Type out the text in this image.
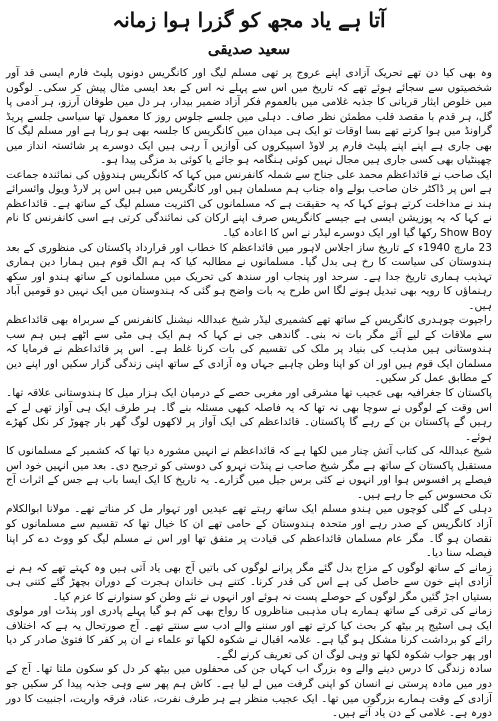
آتا ہے یاد مجھ کو گزرا ہوا زمانہ
سعید صدیقی

وہ بھی کیا دن تھے تحریک آزادی اپنے عروج پر تھی مسلم لیگ اور کانگریس دونوں پلیٹ فارم ایسی قد آور شخصیتوں سے سجائے ہوئے تھے کہ تاریخ میں اس سے پہلے نہ اس کے بعد ایسی مثال پیش کر سکی۔ لوگوں میں خلوص ایثار قربانی کا جذبہ غلامی میں بالعموم فکر آزاد ضمیر بیدار، ہر دل میں طوفان آرزو، ہر آدمی پا گل، ہر قدم با مقصد قلب مطمئن نظر صاف۔ دہلی میں جلسے جلوس روز کا معمول تھا سیاسی جلسے پریڈ گراونڈ میں ہوا کرتے تھے بسا اوقات تو ایک ہی میدان میں کانگریس کا جلسہ بھی ہو رہا ہے اور مسلم لیگ کا بھی جاری ہے اپنے اپنے پلیٹ فارم پر لاوڈ اسپیکروں کی آوازیں آ رہی ہیں ایک دوسرے پر شائستہ انداز میں چھینٹیاں بھی کسی جاری ہیں مجال نہیں کوئی ہنگامہ ہو جائے یا کوئی بد مزگی پیدا ہو۔

ایک صاحب نے قائداعظم محمد علی جناح سے شملہ کانفرنس میں کہا کہ کانگریس ہندوؤں کی نمائندہ جماعت ہے اس پر ڈاکٹر خان صاحب بولے واہ جناب ہم مسلمان ہیں اور کانگریس میں ہیں اس پر لارڈ ویول وائسرائے ہند نے مداخلت کرتے ہوئے کہا کہ یہ حقیقت ہے کہ مسلمانوں کی اکثریت مسلم لیگ کے ساتھ ہے۔ قائداعظم نے کہا کہ یہ پوزیشن ایسی ہے جیسے کانگریس صرف اپنے ارکان کی نمائندگی کرتی ہے اسی کانفرنس کا نام Show Boy رکھا گیا اور ایک دوسرے لیڈر نے اس کا اعادہ کیا۔

23 مارچ 1940ء کے تاریخ ساز اجلاس لاہور میں قائداعظم کا خطاب اور قرارداد پاکستان کی منظوری کے بعد ہندوستان کی سیاست کا رخ ہی بدل گیا۔ مسلمانوں نے مطالبہ کیا کہ ہم الگ قوم ہیں ہمارا دین ہماری تہذیب ہماری تاریخ جدا ہے۔ سرحد اور پنجاب اور سندھ کی تحریک میں مسلمانوں کے ساتھ ہندو اور سکھ رہنماؤں کا رویہ بھی تبدیل ہونے لگا اس طرح یہ بات واضح ہو گئی کہ ہندوستان میں ایک نہیں دو قومیں آباد ہیں۔

راجپوت چوہدری کانگریس کے ساتھ تھے کشمیری لیڈر شیخ عبداللہ نیشنل کانفرنس کے سربراہ بھی قائداعظم سے ملاقات کے لیے آئے مگر بات نہ بنی۔ گاندھی جی نے کہا کہ ہم ایک ہی مٹی سے اٹھے ہیں ہم سب ہندوستانی ہیں مذہب کی بنیاد پر ملک کی تقسیم کی بات کرنا غلط ہے۔ اس پر قائداعظم نے فرمایا کہ مسلمان ایک قوم ہیں اور ان کو اپنا وطن چاہیے جہاں وہ آزادی کے ساتھ اپنی زندگی گزار سکیں اور اپنے دین کے مطابق عمل کر سکیں۔

پاکستان کا جغرافیہ بھی عجیب تھا مشرقی اور مغربی حصے کے درمیان ایک ہزار میل کا ہندوستانی علاقہ تھا۔ اس وقت کے لوگوں نے سوچا بھی نہ تھا کہ یہ فاصلہ کبھی مسئلہ بنے گا۔ ہر طرف ایک ہی آواز تھی لے کے رہیں گے پاکستان بن کے رہے گا پاکستان۔ قائداعظم کی ایک آواز پر لاکھوں لوگ گھر بار چھوڑ کر نکل کھڑے ہوئے۔

شیخ عبداللہ کی کتاب آتش چنار میں لکھا ہے کہ قائداعظم نے انہیں مشورہ دیا تھا کہ کشمیر کے مسلمانوں کا مستقبل پاکستان کے ساتھ ہے مگر شیخ صاحب نے پنڈت نہرو کی دوستی کو ترجیح دی۔ بعد میں انہیں خود اس فیصلے پر افسوس ہوا اور انہوں نے کئی برس جیل میں گزارے۔ یہ تاریخ کا ایک ایسا باب ہے جس کے اثرات آج تک محسوس کیے جا رہے ہیں۔

دہلی کے گلی کوچوں میں ہندو مسلم ایک ساتھ رہتے تھے عیدیں اور تہوار مل کر مناتے تھے۔ مولانا ابوالکلام آزاد کانگریس کے صدر رہے اور متحدہ ہندوستان کے حامی تھے ان کا خیال تھا کہ تقسیم سے مسلمانوں کو نقصان ہو گا۔ مگر عام مسلمان قائداعظم کی قیادت پر متفق تھا اور اس نے مسلم لیگ کو ووٹ دے کر اپنا فیصلہ سنا دیا۔

زمانے کے ساتھ لوگوں کے مزاج بدل گئے مگر پرانے لوگوں کی باتیں آج بھی یاد آتی ہیں وہ کہتے تھے کہ ہم نے آزادی اپنے خون سے حاصل کی ہے اس کی قدر کرنا۔ کتنے ہی خاندان ہجرت کے دوران بچھڑ گئے کتنی ہی بستیاں اجڑ گئیں مگر لوگوں کے حوصلے پست نہ ہوئے اور انہوں نے نئے وطن کو سنوارنے کا عزم کیا۔

زمانے کی ترقی کے ساتھ ہمارے ہاں مذہبی مناظروں کا رواج بھی کم ہو گیا پہلے پادری اور پنڈت اور مولوی ایک ہی اسٹیج پر بیٹھ کر بحث کیا کرتے تھے اور سننے والے ادب سے سنتے تھے۔ آج صورتحال یہ ہے کہ اختلاف رائے کو برداشت کرنا مشکل ہو گیا ہے۔ علامہ اقبال نے شکوہ لکھا تو علماء نے ان پر کفر کا فتویٰ صادر کر دیا اور پھر جواب شکوہ لکھا تو وہی لوگ ان کی تعریف کرنے لگے۔

سادہ زندگی کا درس دینے والے وہ بزرگ اب کہاں جن کی محفلوں میں بیٹھ کر دل کو سکون ملتا تھا۔ آج کے دور میں مادہ پرستی نے انسان کو اپنی گرفت میں لے لیا ہے۔ کاش ہم پھر سے وہی جذبہ پیدا کر سکیں جو آزادی کے وقت ہمارے بزرگوں میں تھا۔ ایک عجیب منظر ہے ہر طرف نفرت، عناد، فرقہ واریت، اجنبیت کا دور دورہ ہے۔ غلامی کے دن یاد آتے ہیں۔
